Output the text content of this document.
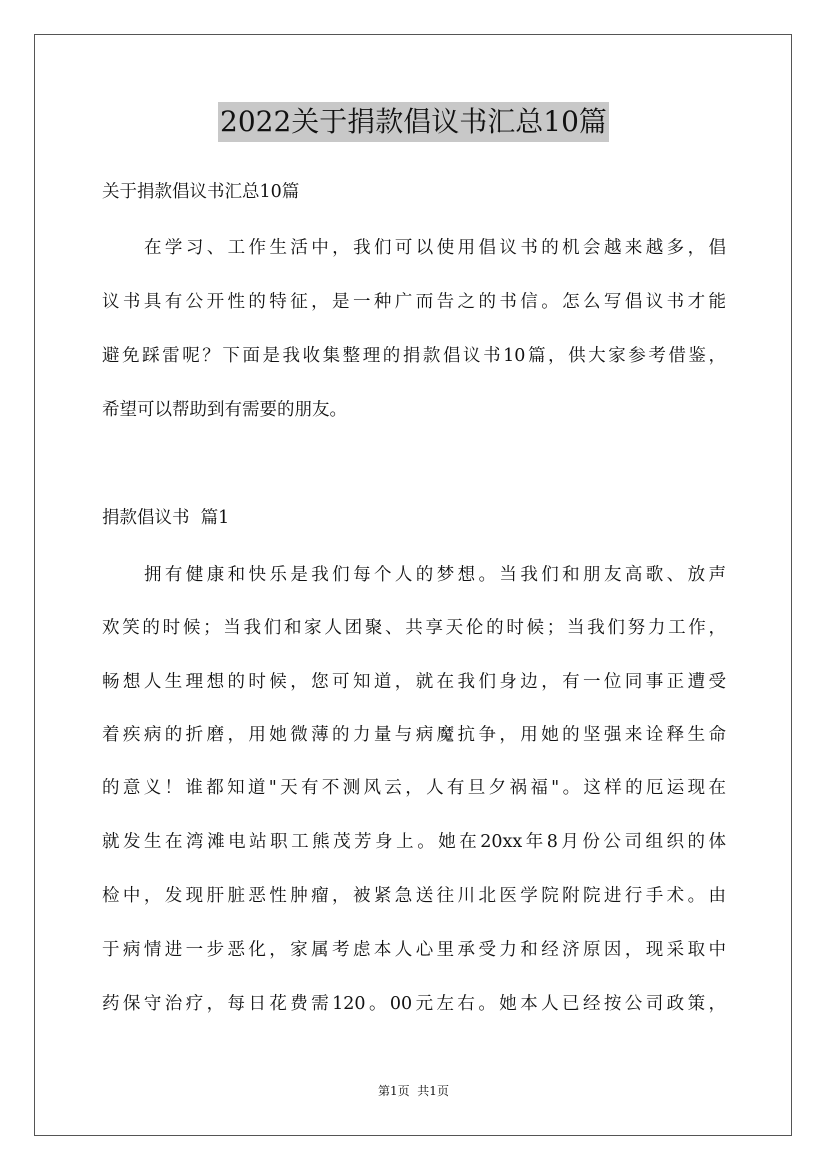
2022关于捐款倡议书汇总10篇
关于捐款倡议书汇总10篇
在学习、工作生活中，我们可以使用倡议书的机会越来越多，倡
议书具有公开性的特征，是一种广而告之的书信。怎么写倡议书才能
避免踩雷呢？下面是我收集整理的捐款倡议书10篇，供大家参考借鉴，
希望可以帮助到有需要的朋友。
捐款倡议书  篇1
拥有健康和快乐是我们每个人的梦想。当我们和朋友高歌、放声
欢笑的时候；当我们和家人团聚、共享天伦的时候；当我们努力工作，
畅想人生理想的时候，您可知道，就在我们身边，有一位同事正遭受
着疾病的折磨，用她微薄的力量与病魔抗争，用她的坚强来诠释生命
的意义！谁都知道"天有不测风云，人有旦夕祸福"。这样的厄运现在
就发生在湾滩电站职工熊茂芳身上。她在20xx年8月份公司组织的体
检中，发现肝脏恶性肿瘤，被紧急送往川北医学院附院进行手术。由
于病情进一步恶化，家属考虑本人心里承受力和经济原因，现采取中
药保守治疗，每日花费需120。00元左右。她本人已经按公司政策，
第1页  共1页
